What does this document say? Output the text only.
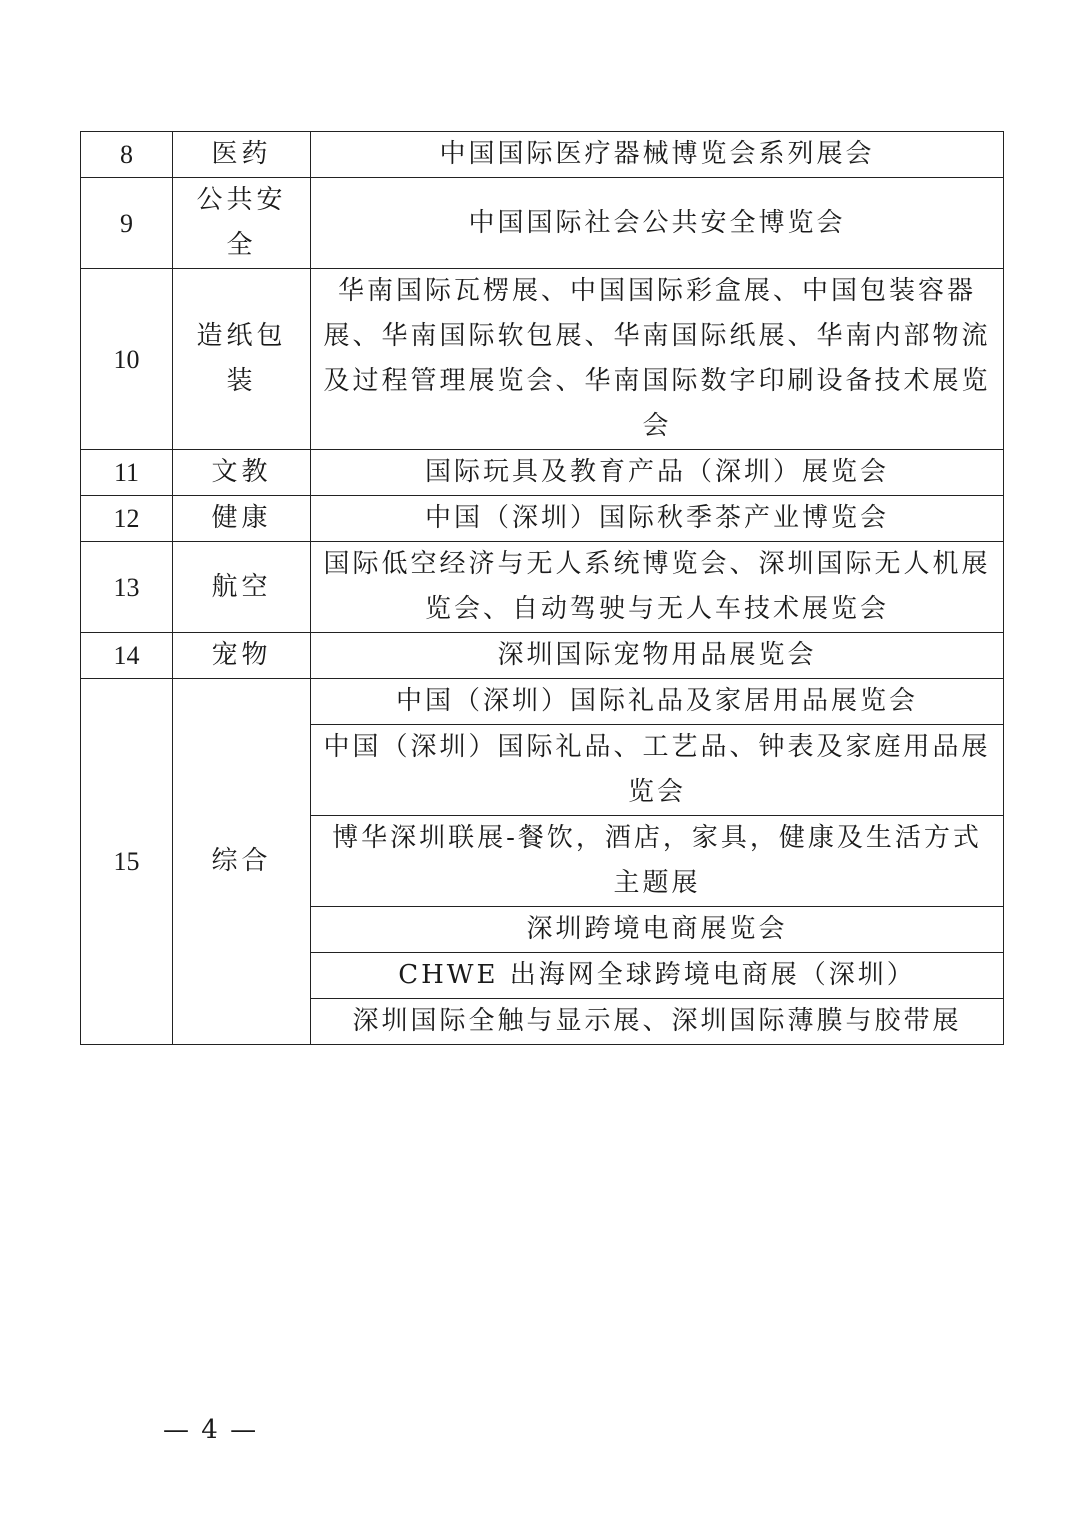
8	医药	中国国际医疗器械博览会系列展会
9	公共安全	中国国际社会公共安全博览会
10	造纸包装	华南国际瓦楞展、中国国际彩盒展、中国包装容器展、华南国际软包展、华南国际纸展、华南内部物流及过程管理展览会、华南国际数字印刷设备技术展览会
11	文教	国际玩具及教育产品（深圳）展览会
12	健康	中国（深圳）国际秋季茶产业博览会
13	航空	国际低空经济与无人系统博览会、深圳国际无人机展览会、自动驾驶与无人车技术展览会
14	宠物	深圳国际宠物用品展览会
15	综合	中国（深圳）国际礼品及家居用品展览会
		中国（深圳）国际礼品、工艺品、钟表及家庭用品展览会
		博华深圳联展-餐饮，酒店，家具，健康及生活方式主题展
		深圳跨境电商展览会
		CHWE 出海网全球跨境电商展（深圳）
		深圳国际全触与显示展、深圳国际薄膜与胶带展
— 4 —
